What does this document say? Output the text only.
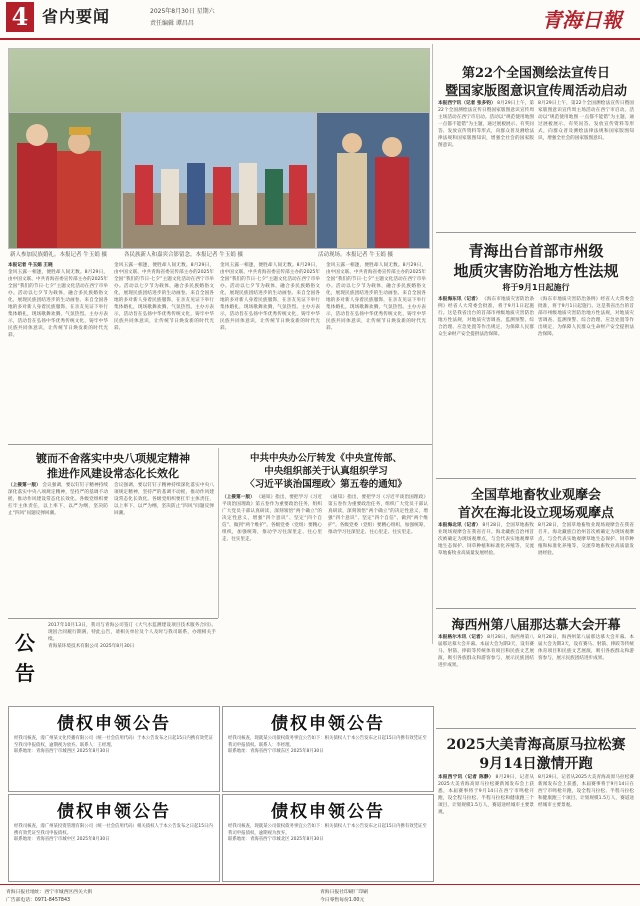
4 省内要闻	2025年8月30日 星期六
责任编辑 谭昌昌	青海日報
新人参加民族婚礼。本报记者 牛玉娟 摄	各民族新人和嘉宾合影留念。本报记者 牛玉娟 摄	活动现场。本报记者 牛玉娟 摄
本报记者 牛玉娟 王晓
金风玉露一相逢，便胜却人间无数。8月29日，由中国文联、中共青海省委宣传部主办的2025年全国“我们的节日·七夕”主题文化活动在西宁市举办。活动以七夕节为载体，融合多民族婚俗文化，展现民族团结进步的生动画卷。来自全国各地的多对新人身着民族服饰，在亲友见证下举行集体婚礼，现场歌舞欢腾，气氛热烈。主办方表示，活动旨在弘扬中华优秀传统文化，铸牢中华民族共同体意识，让传统节日焕发新的时代光彩。
金风玉露一相逢，便胜却人间无数。8月29日，由中国文联、中共青海省委宣传部主办的2025年全国“我们的节日·七夕”主题文化活动在西宁市举办。活动以七夕节为载体，融合多民族婚俗文化，展现民族团结进步的生动画卷。来自全国各地的多对新人身着民族服饰，在亲友见证下举行集体婚礼，现场歌舞欢腾，气氛热烈。主办方表示，活动旨在弘扬中华优秀传统文化，铸牢中华民族共同体意识，让传统节日焕发新的时代光彩。
金风玉露一相逢，便胜却人间无数。8月29日，由中国文联、中共青海省委宣传部主办的2025年全国“我们的节日·七夕”主题文化活动在西宁市举办。活动以七夕节为载体，融合多民族婚俗文化，展现民族团结进步的生动画卷。来自全国各地的多对新人身着民族服饰，在亲友见证下举行集体婚礼，现场歌舞欢腾，气氛热烈。主办方表示，活动旨在弘扬中华优秀传统文化，铸牢中华民族共同体意识，让传统节日焕发新的时代光彩。
金风玉露一相逢，便胜却人间无数。8月29日，由中国文联、中共青海省委宣传部主办的2025年全国“我们的节日·七夕”主题文化活动在西宁市举办。活动以七夕节为载体，融合多民族婚俗文化，展现民族团结进步的生动画卷。来自全国各地的多对新人身着民族服饰，在亲友见证下举行集体婚礼，现场歌舞欢腾，气氛热烈。主办方表示，活动旨在弘扬中华优秀传统文化，铸牢中华民族共同体意识，让传统节日焕发新的时代光彩。
第22个全国测绘法宣传日
暨国家版图意识宣传周活动启动
本报西宁讯（记者 张多钧） 8月29日上午，第22个全国测绘法宣传日暨国家版图意识宣传周主场活动在西宁市启动。活动以“规范使用地图 一点都不能错”为主题，通过展板展示、有奖问答、发放宣传资料等形式，向群众普及测绘法律法规和国家版图知识，增强全社会的国家版图意识。
8月29日上午，第22个全国测绘法宣传日暨国家版图意识宣传周主场活动在西宁市启动。活动以“规范使用地图 一点都不能错”为主题，通过展板展示、有奖问答、发放宣传资料等形式，向群众普及测绘法律法规和国家版图知识，增强全社会的国家版图意识。
青海出台首部市州级
地质灾害防治地方性法规
将于9月1日起施行
本报海东讯（记者） 《海东市地质灾害防治条例》经省人大常委会批准，将于9月1日起施行。这是我省出台的首部市州级地质灾害防治地方性法规，对地质灾害调查、监测预警、综合治理、应急处置等作出规定，为保障人民群众生命财产安全提供法治保障。
《海东市地质灾害防治条例》经省人大常委会批准，将于9月1日起施行。这是我省出台的首部市州级地质灾害防治地方性法规，对地质灾害调查、监测预警、综合治理、应急处置等作出规定，为保障人民群众生命财产安全提供法治保障。
镀而不舍落实中央八项规定精神
推进作风建设常态化长效化
（上接第一版） 会议强调，要以钉钉子精神持续深化落实中央八项规定精神，坚持严的基调不动摇，推动作风建设常态化长效化。各级党组织要扛牢主体责任，以上率下、以严为纲，坚决防止“四风”问题反弹回潮。
会议强调，要以钉钉子精神持续深化落实中央八项规定精神，坚持严的基调不动摇，推动作风建设常态化长效化。各级党组织要扛牢主体责任，以上率下、以严为纲，坚决防止“四风”问题反弹回潮。
中共中央办公厅转发《中央宣传部、
中央组织部关于认真组织学习
〈习近平谈治国理政〉第五卷的通知》
（上接第一版） 《通知》指出，要把学习《习近平谈治国理政》第五卷作为重要政治任务，组织广大党员干部认真研读，深刻领悟“两个确立”的决定性意义，增强“四个意识”、坚定“四个自信”、做到“两个维护”。各级党委（党组）要精心组织，加强统筹，推动学习往深里走、往心里走、往实里走。
《通知》指出，要把学习《习近平谈治国理政》第五卷作为重要政治任务，组织广大党员干部认真研读，深刻领悟“两个确立”的决定性意义，增强“四个意识”、坚定“四个自信”、做到“两个维护”。各级党委（党组）要精心组织，加强统筹，推动学习往深里走、往心里走、往实里走。
公告
2017年10月13日，我司与青海公司签订《大气水监测建设项目技术服务合同》。现因合同履行期满，特此公告，请相关单位及个人及时与我司联系，办理相关手续。
青海某环境技术有限公司 2025年8月30日
全国草地畜牧业观摩会
首次在海北设立现场观摩点
本报海北讯（记者） 8月28日，全国草地畜牧业现场观摩会在我省召开。海北藏族自治州首次被确定为现场观摩点，与会代表实地观摩草地生态保护、饲草种植和标准化养殖等，交流草地畜牧业高质量发展经验。
8月28日，全国草地畜牧业现场观摩会在我省召开。海北藏族自治州首次被确定为现场观摩点，与会代表实地观摩草地生态保护、饲草种植和标准化养殖等，交流草地畜牧业高质量发展经验。
海西州第八届那达慕大会开幕
本报格尔木讯（记者） 8月28日，海西州第八届那达慕大会开幕。本届大会为期3天，设有赛马、射箭、摔跤等传统体育项目和民族文艺展演，吸引各族群众和游客参与，展示民族团结进步成果。
8月28日，海西州第八届那达慕大会开幕。本届大会为期3天，设有赛马、射箭、摔跤等传统体育项目和民族文艺展演，吸引各族群众和游客参与，展示民族团结进步成果。
2025大美青海高原马拉松赛
9月14日激情开跑
本报西宁讯（记者 陈静） 8月29日，记者从2025大美青海高原马拉松赛新闻发布会上获悉，本届赛事将于9月14日在西宁市鸣枪开跑，设全程马拉松、半程马拉松和健康跑三个项目，计划规模1.5万人，赛道途经城市主要景观。
8月29日，记者从2025大美青海高原马拉松赛新闻发布会上获悉，本届赛事将于9月14日在西宁市鸣枪开跑，设全程马拉松、半程马拉松和健康跑三个项目，计划规模1.5万人，赛道途经城市主要景观。
债权申领公告
经我司核查，漫广州某文化传播有限公司（统一社会信用代码）于本公告发布之日起15日内携有效凭证至我司申报债权，逾期视为放弃。联系人：王经理。
联系地址：青海省西宁市城西区 2025年8月30日
债权申领公告
经我司核查，现就某公司债权债务事宜公告如下：相关债权人于本公告发布之日起15日内携有效凭证至我司申报债权。联系人：李经理。
联系地址：青海省西宁市城东区 2025年8月30日
债权申领公告
经我司核查，漫广州某投资管理有限公司（统一社会信用代码）相关债权人于本公告发布之日起15日内携有效凭证至我司申报债权。
联系地址：青海省西宁市城中区 2025年8月30日
债权申领公告
经我司核查，现就某公司债权债务事宜公告如下：相关债权人于本公告发布之日起15日内携有效凭证至我司申报债权，逾期视为放弃。
联系地址：青海省西宁市城北区 2025年8月30日
青海日报社地址：西宁市城西区西关大街
广告部电话：0971-8457843
青海日报社印刷厂印刷
今日零售每份1.00元
